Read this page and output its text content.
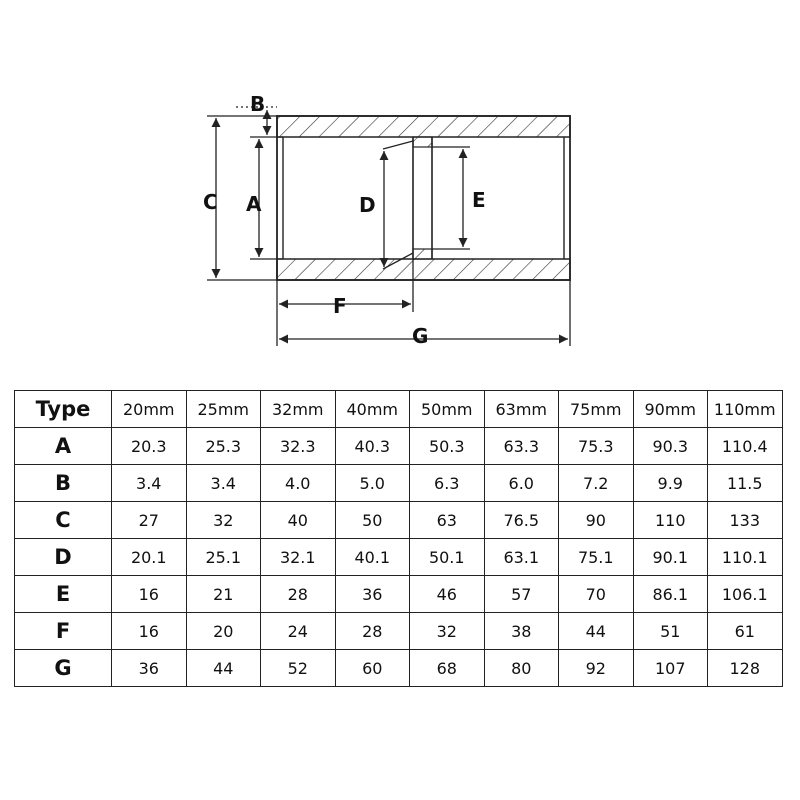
B
C A	D	E
F
G
Type	20mm	25mm	32mm	40mm	50mm	63mm	75mm	90mm	110mm
A	20.3	25.3	32.3	40.3	50.3	63.3	75.3	90.3	110.4
B	3.4	3.4	4.0	5.0	6.3	6.0	7.2	9.9	11.5
C	27	32	40	50	63	76.5	90	110	133
D	20.1	25.1	32.1	40.1	50.1	63.1	75.1	90.1	110.1
E	16	21	28	36	46	57	70	86.1	106.1
F	16	20	24	28	32	38	44	51	61
G	36	44	52	60	68	80	92	107	128
